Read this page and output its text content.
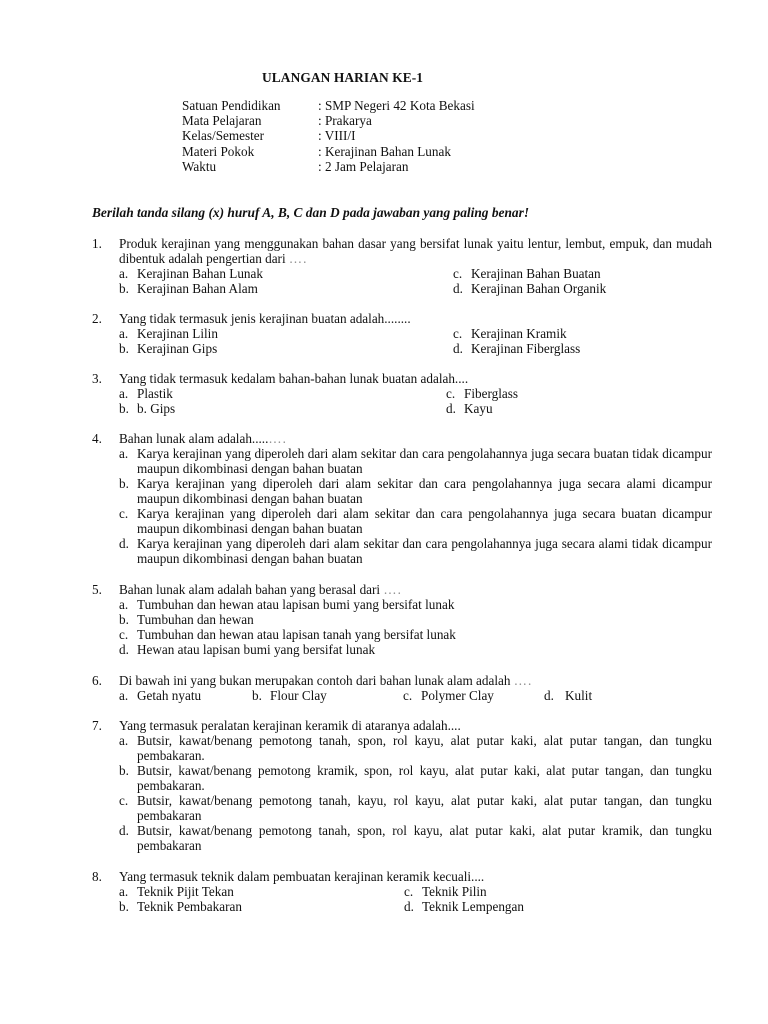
ULANGAN HARIAN KE-1
Satuan Pendidikan	: SMP Negeri 42 Kota Bekasi
Mata Pelajaran	: Prakarya
Kelas/Semester	: VIII/I
Materi Pokok	: Kerajinan Bahan Lunak
Waktu	: 2 Jam Pelajaran
Berilah tanda silang (x) huruf A, B, C dan D pada jawaban yang paling benar!
1.	Produk kerajinan yang menggunakan bahan dasar yang bersifat lunak yaitu lentur, lembut, empuk, dan mudah dibentuk adalah pengertian dari ….
a. Kerajinan Bahan Lunak	c. Kerajinan Bahan Buatan
b. Kerajinan Bahan Alam	d. Kerajinan Bahan Organik
2.	Yang tidak termasuk jenis kerajinan buatan adalah........
a. Kerajinan Lilin	c. Kerajinan Kramik
b. Kerajinan Gips	d. Kerajinan Fiberglass
3.	Yang tidak termasuk kedalam bahan-bahan lunak buatan adalah....
a. Plastik	c. Fiberglass
b. b. Gips	d. Kayu
4.	Bahan lunak alam adalah.....….
a. Karya kerajinan yang diperoleh dari alam sekitar dan cara pengolahannya juga secara buatan tidak dicampur maupun dikombinasi dengan bahan buatan
b. Karya kerajinan yang diperoleh dari alam sekitar dan cara pengolahannya juga secara alami dicampur maupun dikombinasi dengan bahan buatan
c. Karya kerajinan yang diperoleh dari alam sekitar dan cara pengolahannya juga secara buatan dicampur maupun dikombinasi dengan bahan buatan
d. Karya kerajinan yang diperoleh dari alam sekitar dan cara pengolahannya juga secara alami tidak dicampur maupun dikombinasi dengan bahan buatan
5.	Bahan lunak alam adalah bahan yang berasal dari ….
a. Tumbuhan dan hewan atau lapisan bumi yang bersifat lunak
b. Tumbuhan dan hewan
c. Tumbuhan dan hewan atau lapisan tanah yang bersifat lunak
d. Hewan atau lapisan bumi yang bersifat lunak
6.	Di bawah ini yang bukan merupakan contoh dari bahan lunak alam adalah ….
a. Getah nyatu	b. Flour Clay	c. Polymer Clay	d. Kulit
7.	Yang termasuk peralatan kerajinan keramik di ataranya adalah....
a. Butsir, kawat/benang pemotong tanah, spon, rol kayu, alat putar kaki, alat putar tangan, dan tungku pembakaran.
b. Butsir, kawat/benang pemotong kramik, spon, rol kayu, alat putar kaki, alat putar tangan, dan tungku pembakaran.
c. Butsir, kawat/benang pemotong tanah, kayu, rol kayu, alat putar kaki, alat putar tangan, dan tungku pembakaran
d. Butsir, kawat/benang pemotong tanah, spon, rol kayu, alat putar kaki, alat putar kramik, dan tungku pembakaran
8.	Yang termasuk teknik dalam pembuatan kerajinan keramik kecuali....
a. Teknik Pijit Tekan	c. Teknik Pilin
b. Teknik Pembakaran	d. Teknik Lempengan
